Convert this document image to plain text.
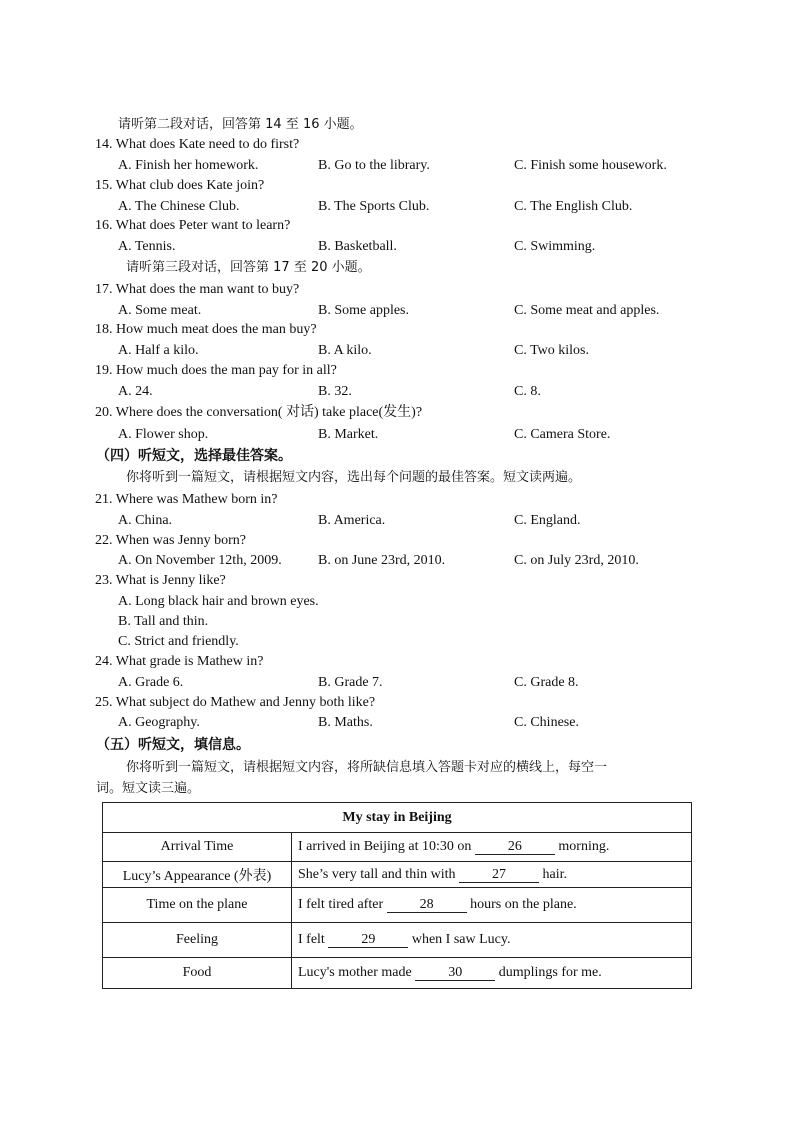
请听第二段对话，回答第 14 至 16 小题。
14. What does Kate need to do first?
A. Finish her homework.	B. Go to the library.	C. Finish some housework.
15. What club does Kate join?
A. The Chinese Club.	B. The Sports Club.	C. The English Club.
16. What does Peter want to learn?
A. Tennis.	B. Basketball.	C. Swimming.
请听第三段对话，回答第 17 至 20 小题。
17. What does the man want to buy?
A. Some meat.	B. Some apples.	C. Some meat and apples.
18. How much meat does the man buy?
A. Half a kilo.	B. A kilo.	C. Two kilos.
19. How much does the man pay for in all?
A. 24.	B. 32.	C. 8.
20. Where does the conversation( 对话) take place(发生)?
A. Flower shop.	B. Market.	C. Camera Store.
（四）听短文，选择最佳答案。
你将听到一篇短文，请根据短文内容，选出每个问题的最佳答案。短文读两遍。
21. Where was Mathew born in?
A. China.	B. America.	C. England.
22. When was Jenny born?
A. On November 12th, 2009.	B. on June 23rd, 2010.	C. on July 23rd, 2010.
23. What is Jenny like?
A. Long black hair and brown eyes.
B. Tall and thin.
C. Strict and friendly.
24. What grade is Mathew in?
A. Grade 6.	B. Grade 7.	C. Grade 8.
25. What subject do Mathew and Jenny both like?
A. Geography.	B. Maths.	C. Chinese.
（五）听短文，填信息。
你将听到一篇短文，请根据短文内容，将所缺信息填入答题卡对应的横线上，每空一
词。短文读三遍。
My stay in Beijing	
Arrival Time	I arrived in Beijing at 10:30 on 26 morning.
Lucy’s Appearance (外表)	She’s very tall and thin with 27 hair.
Time on the plane	I felt tired after 28 hours on the plane.
Feeling	I felt 29 when I saw Lucy.
Food	Lucy's mother made 30 dumplings for me.
